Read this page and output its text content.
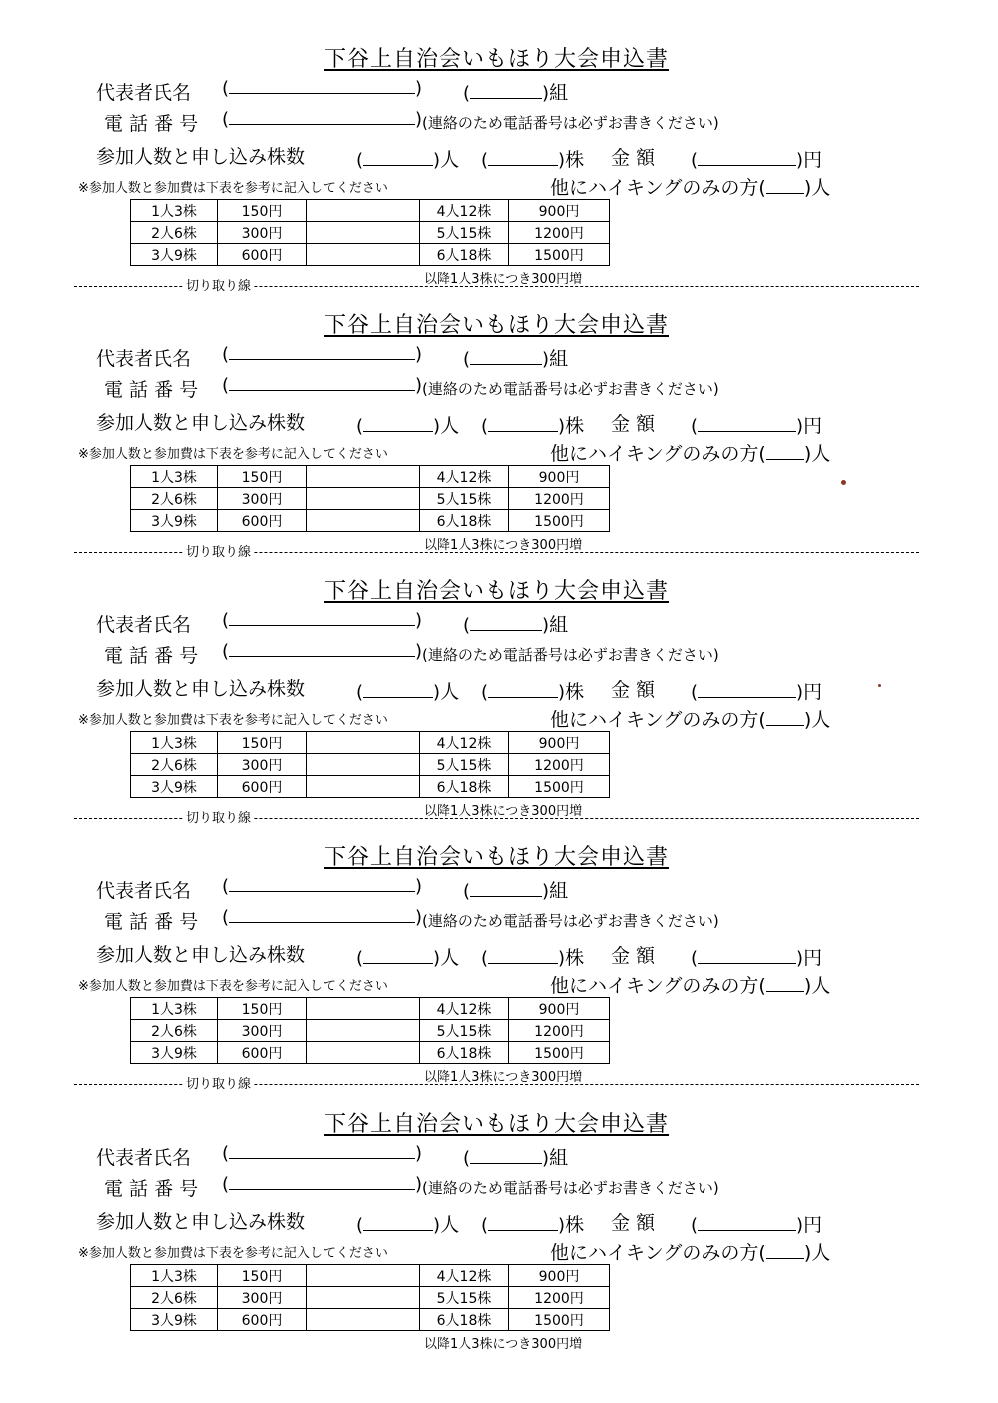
下谷上自治会いもほり大会申込書
代表者氏名 (	) (	)組
電 話 番 号 (	) (連絡のため電話番号は必ずお書きください)
参加人数と申し込み株数	(	)人 (	)株 金 額 (	)円
※参加人数と参加費は下表を参考に記入してください	他にハイキングのみの方( )人
1人3株	150円		4人12株	900円
2人6株	300円		5人15株	1200円
3人9株	600円		6人18株	1500円
以降1人3株につき300円増
切り取り線
下谷上自治会いもほり大会申込書
代表者氏名 (	) (	)組
電 話 番 号 (	) (連絡のため電話番号は必ずお書きください)
参加人数と申し込み株数	(	)人 (	)株 金 額 (	)円
※参加人数と参加費は下表を参考に記入してください	他にハイキングのみの方( )人
1人3株	150円		4人12株	900円
2人6株	300円		5人15株	1200円
3人9株	600円		6人18株	1500円
以降1人3株につき300円増
切り取り線
下谷上自治会いもほり大会申込書
代表者氏名 (	) (	)組
電 話 番 号 (	) (連絡のため電話番号は必ずお書きください)
参加人数と申し込み株数	(	)人 (	)株 金 額 (	)円
※参加人数と参加費は下表を参考に記入してください	他にハイキングのみの方( )人
1人3株	150円		4人12株	900円
2人6株	300円		5人15株	1200円
3人9株	600円		6人18株	1500円
以降1人3株につき300円増
切り取り線
下谷上自治会いもほり大会申込書
代表者氏名 (	) (	)組
電 話 番 号 (	) (連絡のため電話番号は必ずお書きください)
参加人数と申し込み株数	(	)人 (	)株 金 額 (	)円
※参加人数と参加費は下表を参考に記入してください	他にハイキングのみの方( )人
1人3株	150円		4人12株	900円
2人6株	300円		5人15株	1200円
3人9株	600円		6人18株	1500円
以降1人3株につき300円増
切り取り線
下谷上自治会いもほり大会申込書
代表者氏名 (	) (	)組
電 話 番 号 (	) (連絡のため電話番号は必ずお書きください)
参加人数と申し込み株数	(	)人 (	)株 金 額 (	)円
※参加人数と参加費は下表を参考に記入してください	他にハイキングのみの方( )人
1人3株	150円		4人12株	900円
2人6株	300円		5人15株	1200円
3人9株	600円		6人18株	1500円
以降1人3株につき300円増
